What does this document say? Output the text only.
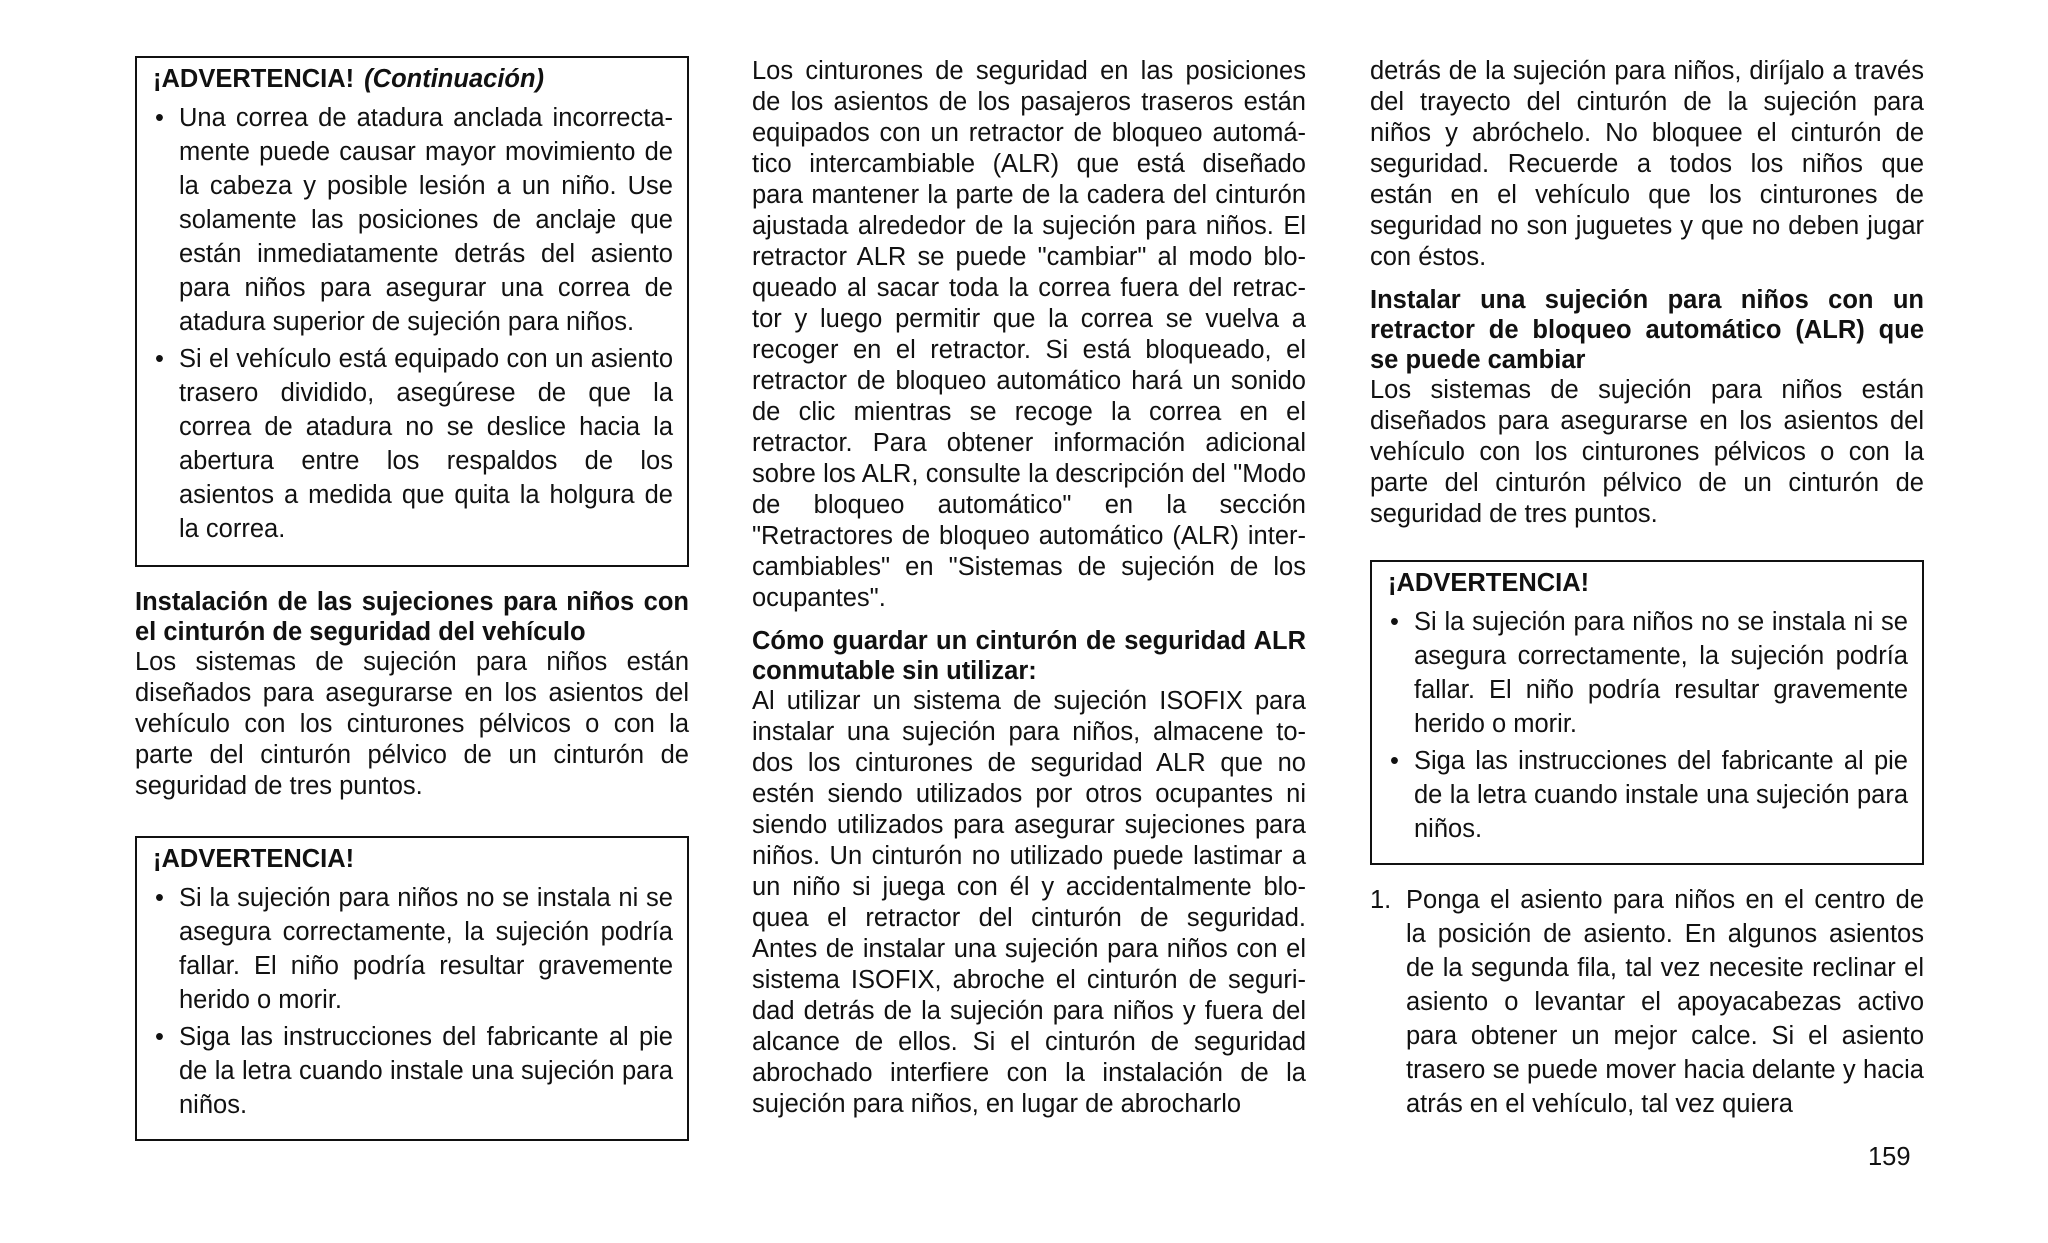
¡ADVERTENCIA! (Continuación)
• Una correa de atadura anclada incorrecta-mente puede causar mayor movimiento de la cabeza y posible lesión a un niño. Use solamente las posiciones de anclaje que están inmediatamente detrás del asiento para niños para asegurar una correa de atadura superior de sujeción para niños.
• Si el vehículo está equipado con un asiento trasero dividido, asegúrese de que la correa de atadura no se deslice hacia la abertura entre los respaldos de los asientos a medida que quita la holgura de la correa.

Instalación de las sujeciones para niños con el cinturón de seguridad del vehículo

Los sistemas de sujeción para niños están diseñados para asegurarse en los asientos del vehículo con los cinturones pélvicos o con la parte del cinturón pélvico de un cinturón de seguridad de tres puntos.

¡ADVERTENCIA!
• Si la sujeción para niños no se instala ni se asegura correctamente, la sujeción podría fallar. El niño podría resultar gravemente herido o morir.
• Siga las instrucciones del fabricante al pie de la letra cuando instale una sujeción para niños.

Los cinturones de seguridad en las posiciones de los asientos de los pasajeros traseros están equipados con un retractor de bloqueo automá-tico intercambiable (ALR) que está diseñado para mantener la parte de la cadera del cinturón ajustada alrededor de la sujeción para niños. El retractor ALR se puede "cambiar" al modo blo-queado al sacar toda la correa fuera del retrac-tor y luego permitir que la correa se vuelva a recoger en el retractor. Si está bloqueado, el retractor de bloqueo automático hará un sonido de clic mientras se recoge la correa en el retractor. Para obtener información adicional sobre los ALR, consulte la descripción del "Modo de bloqueo automático" en la sección "Retractores de bloqueo automático (ALR) inter-cambiables" en "Sistemas de sujeción de los ocupantes".

Cómo guardar un cinturón de seguridad ALR conmutable sin utilizar:

Al utilizar un sistema de sujeción ISOFIX para instalar una sujeción para niños, almacene to-dos los cinturones de seguridad ALR que no estén siendo utilizados por otros ocupantes ni siendo utilizados para asegurar sujeciones para niños. Un cinturón no utilizado puede lastimar a un niño si juega con él y accidentalmente blo-quea el retractor del cinturón de seguridad. Antes de instalar una sujeción para niños con el sistema ISOFIX, abroche el cinturón de seguri-dad detrás de la sujeción para niños y fuera del alcance de ellos. Si el cinturón de seguridad abrochado interfiere con la instalación de la sujeción para niños, en lugar de abrocharlo

detrás de la sujeción para niños, diríjalo a través del trayecto del cinturón de la sujeción para niños y abróchelo. No bloquee el cinturón de seguridad. Recuerde a todos los niños que están en el vehículo que los cinturones de seguridad no son juguetes y que no deben jugar con éstos.

Instalar una sujeción para niños con un retractor de bloqueo automático (ALR) que se puede cambiar

Los sistemas de sujeción para niños están diseñados para asegurarse en los asientos del vehículo con los cinturones pélvicos o con la parte del cinturón pélvico de un cinturón de seguridad de tres puntos.

¡ADVERTENCIA!
• Si la sujeción para niños no se instala ni se asegura correctamente, la sujeción podría fallar. El niño podría resultar gravemente herido o morir.
• Siga las instrucciones del fabricante al pie de la letra cuando instale una sujeción para niños.
1. Ponga el asiento para niños en el centro de la posición de asiento. En algunos asientos de la segunda fila, tal vez necesite reclinar el asiento o levantar el apoyacabezas activo para obtener un mejor calce. Si el asiento trasero se puede mover hacia delante y hacia atrás en el vehículo, tal vez quiera
159
